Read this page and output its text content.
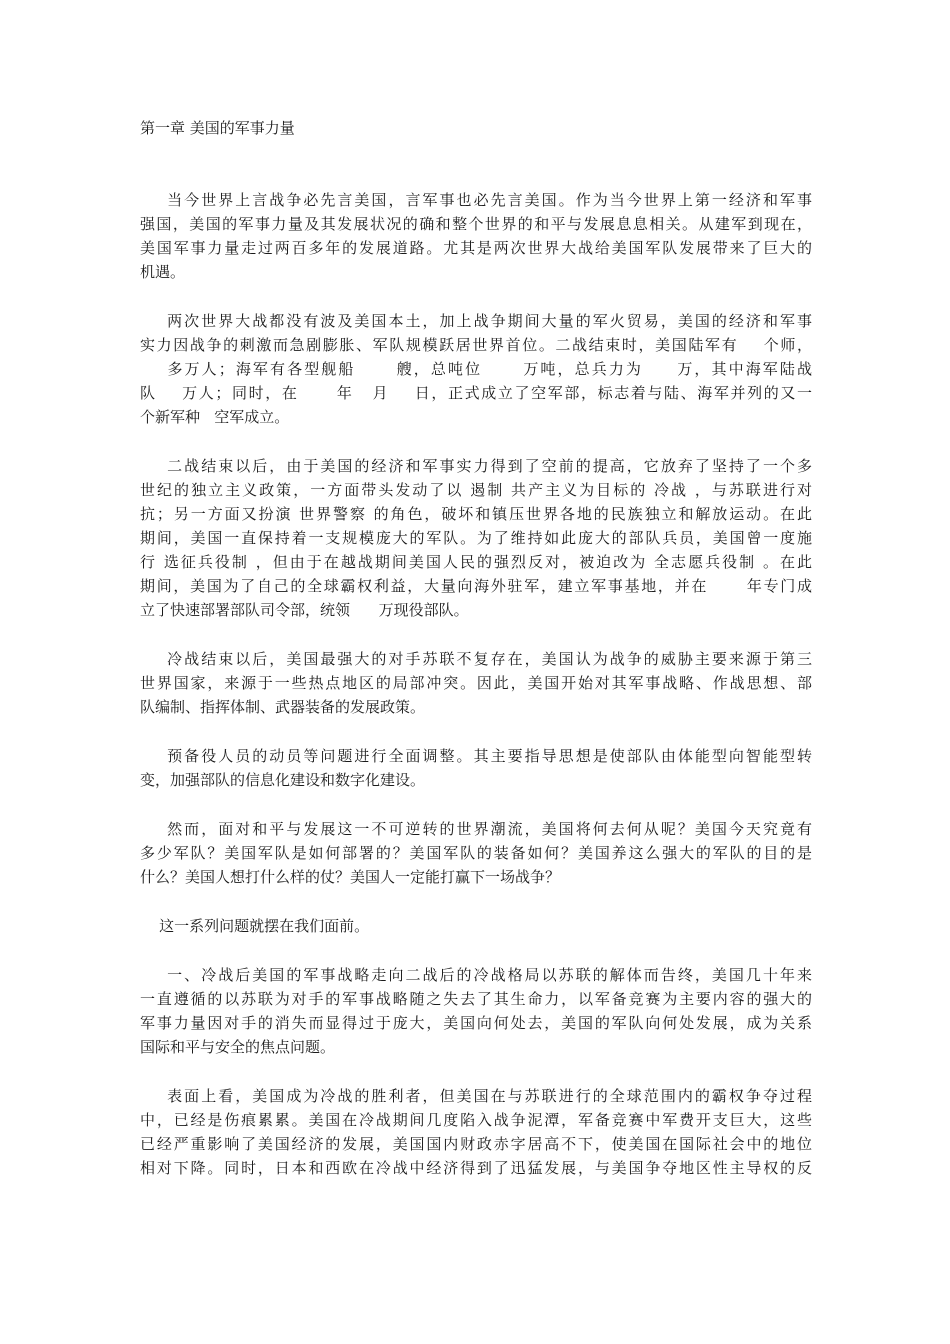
第一章 美国的军事力量

当今世界上言战争必先言美国，言军事也必先言美国。作为当今世界上第一经济和军事
强国，美国的军事力量及其发展状况的确和整个世界的和平与发展息息相关。从建军到现在，
美国军事力量走过两百多年的发展道路。尤其是两次世界大战给美国军队发展带来了巨大的
机遇。

两次世界大战都没有波及美国本土，加上战争期间大量的军火贸易，美国的经济和军事
实力因战争的刺激而急剧膨胀、军队规模跃居世界首位。二战结束时，美国陆军有    个师，
多万人；海军有各型舰船      艘，总吨位      万吨，总兵力为     万，其中海军陆战
队    万人；同时，在      年   月    日，正式成立了空军部，标志着与陆、海军并列的又一
个新军种   空军成立。

二战结束以后，由于美国的经济和军事实力得到了空前的提高，它放弃了坚持了一个多
世纪的独立主义政策，一方面带头发动了以 遏制 共产主义为目标的 冷战 ，与苏联进行对
抗；另一方面又扮演 世界警察 的角色，破坏和镇压世界各地的民族独立和解放运动。在此
期间，美国一直保持着一支规模庞大的军队。为了维持如此庞大的部队兵员，美国曾一度施
行 选征兵役制 ，但由于在越战期间美国人民的强烈反对，被迫改为 全志愿兵役制 。在此
期间，美国为了自己的全球霸权利益，大量向海外驻军，建立军事基地，并在      年专门成
立了快速部署部队司令部，统领      万现役部队。

冷战结束以后，美国最强大的对手苏联不复存在，美国认为战争的威胁主要来源于第三
世界国家，来源于一些热点地区的局部冲突。因此，美国开始对其军事战略、作战思想、部
队编制、指挥体制、武器装备的发展政策。

预备役人员的动员等问题进行全面调整。其主要指导思想是使部队由体能型向智能型转
变，加强部队的信息化建设和数字化建设。

然而，面对和平与发展这一不可逆转的世界潮流，美国将何去何从呢？美国今天究竟有
多少军队？美国军队是如何部署的？美国军队的装备如何？美国养这么强大的军队的目的是
什么？美国人想打什么样的仗？美国人一定能打赢下一场战争？

这一系列问题就摆在我们面前。

一、冷战后美国的军事战略走向二战后的冷战格局以苏联的解体而告终，美国几十年来
一直遵循的以苏联为对手的军事战略随之失去了其生命力，以军备竞赛为主要内容的强大的
军事力量因对手的消失而显得过于庞大，美国向何处去，美国的军队向何处发展，成为关系
国际和平与安全的焦点问题。

表面上看，美国成为冷战的胜利者，但美国在与苏联进行的全球范围内的霸权争夺过程
中，已经是伤痕累累。美国在冷战期间几度陷入战争泥潭，军备竞赛中军费开支巨大，这些
已经严重影响了美国经济的发展，美国国内财政赤字居高不下，使美国在国际社会中的地位
相对下降。同时，日本和西欧在冷战中经济得到了迅猛发展，与美国争夺地区性主导权的反
